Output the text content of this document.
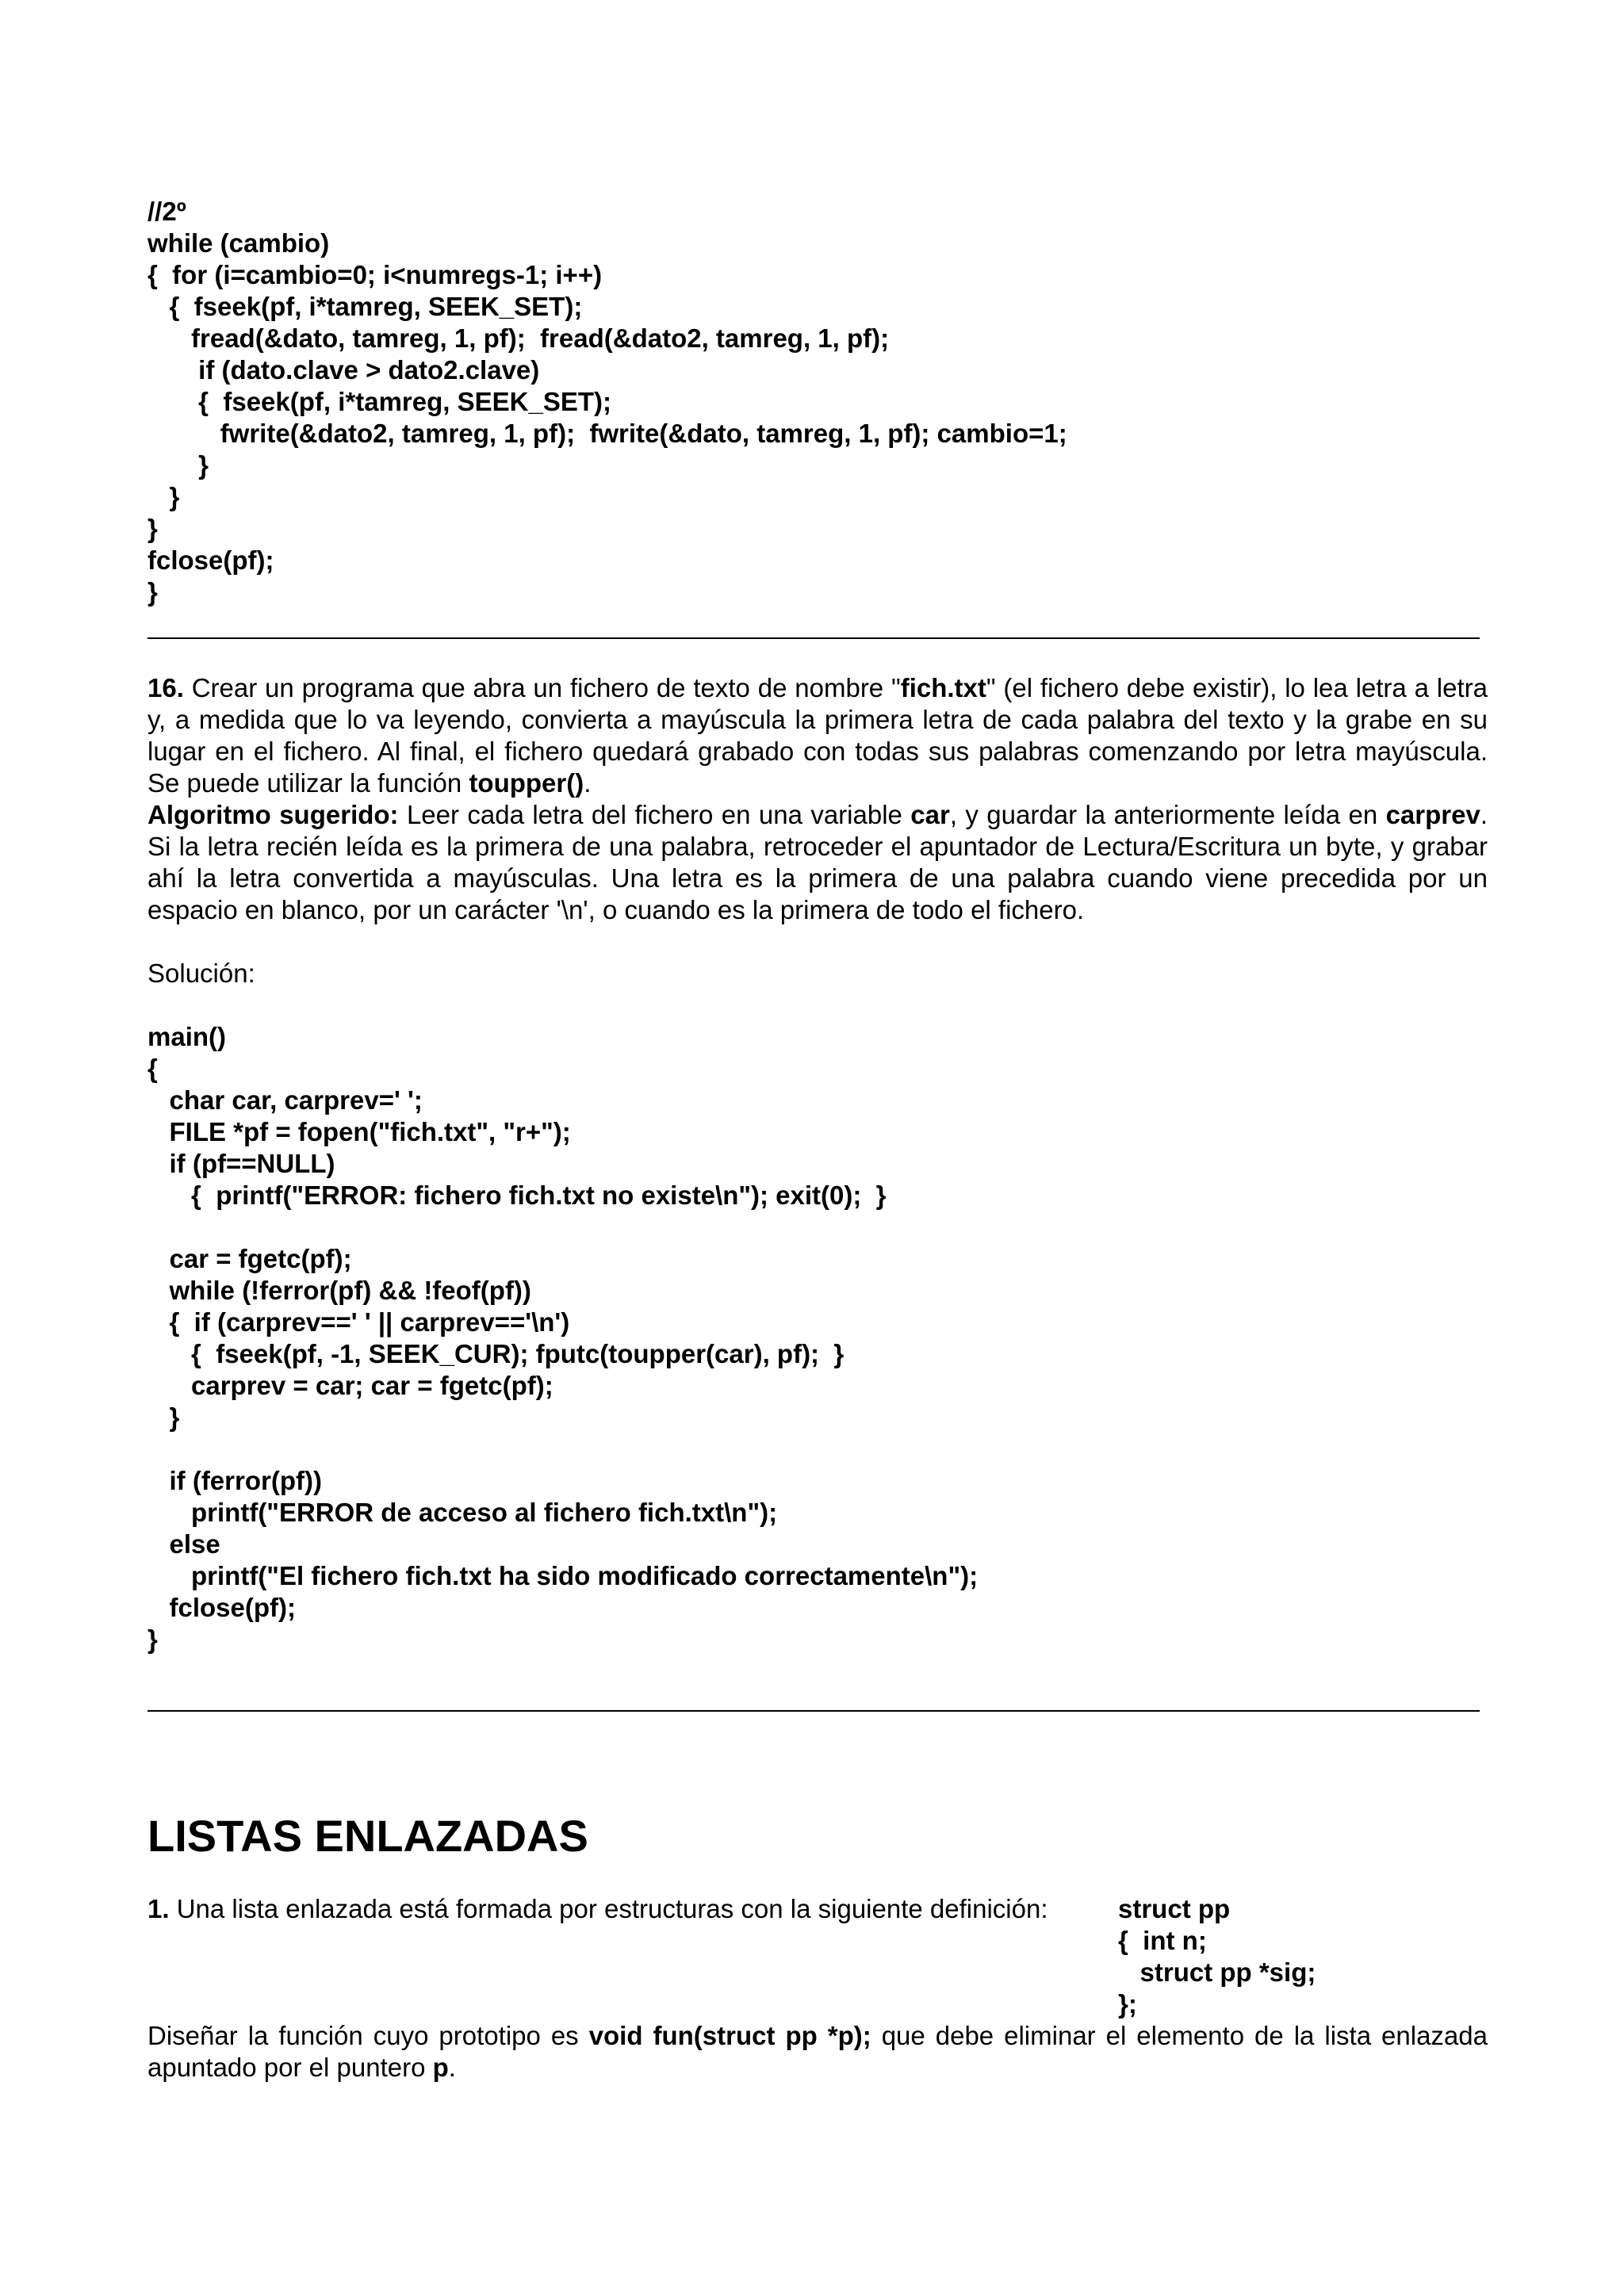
//2º
while (cambio)
{  for (i=cambio=0; i<numregs-1; i++)
{  fseek(pf, i*tamreg, SEEK_SET);
fread(&dato, tamreg, 1, pf);  fread(&dato2, tamreg, 1, pf);
if (dato.clave > dato2.clave)
{  fseek(pf, i*tamreg, SEEK_SET);
fwrite(&dato2, tamreg, 1, pf);  fwrite(&dato, tamreg, 1, pf); cambio=1;
}
}
}
fclose(pf);
}

16. Crear un programa que abra un fichero de texto de nombre "fich.txt" (el fichero debe existir), lo lea letra a letra y, a medida que lo va leyendo, convierta a mayúscula la primera letra de cada palabra del texto y la grabe en su lugar en el fichero. Al final, el fichero quedará grabado con todas sus palabras comenzando por letra mayúscula. Se puede utilizar la función toupper().

Algoritmo sugerido: Leer cada letra del fichero en una variable car, y guardar la anteriormente leída en carprev. Si la letra recién leída es la primera de una palabra, retroceder el apuntador de Lectura/Escritura un byte, y grabar ahí la letra convertida a mayúsculas. Una letra es la primera de una palabra cuando viene precedida por un espacio en blanco, por un carácter '\n', o cuando es la primera de todo el fichero.

Solución:

main()
{
char car, carprev=' ';
FILE *pf = fopen("fich.txt", "r+");
if (pf==NULL)
{  printf("ERROR: fichero fich.txt no existe\n"); exit(0);  }

car = fgetc(pf);
while (!ferror(pf) && !feof(pf))
{  if (carprev==' ' || carprev=='\n')
{  fseek(pf, -1, SEEK_CUR); fputc(toupper(car), pf);  }
carprev = car; car = fgetc(pf);
}

if (ferror(pf))
printf("ERROR de acceso al fichero fich.txt\n");
else
printf("El fichero fich.txt ha sido modificado correctamente\n");
fclose(pf);
}
LISTAS ENLAZADAS

1. Una lista enlazada está formada por estructuras con la siguiente definición:	struct pp
{  int n;
struct pp *sig;
};

Diseñar la función cuyo prototipo es void fun(struct pp *p); que debe eliminar el elemento de la lista enlazada apuntado por el puntero p.
